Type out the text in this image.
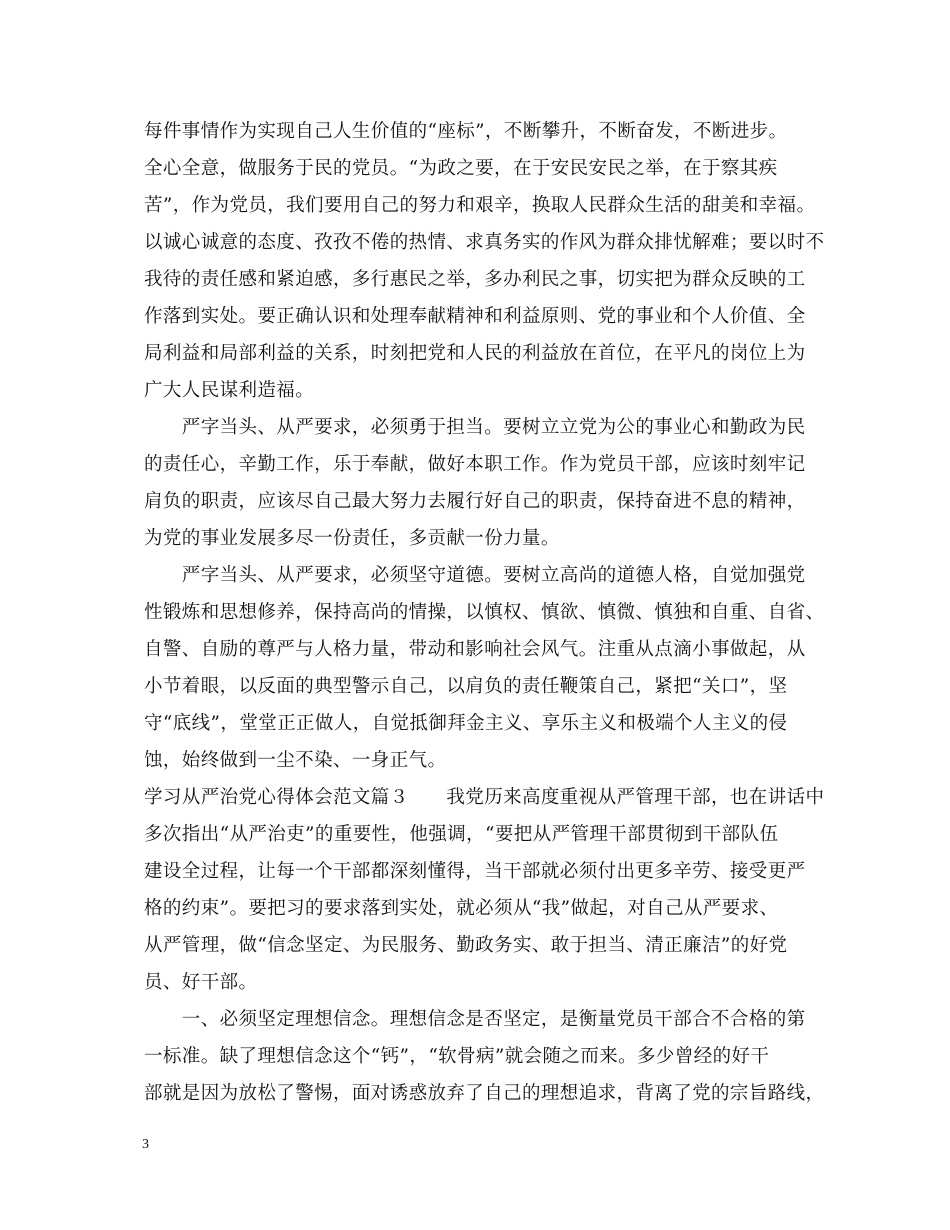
每件事情作为实现自己人生价值的“座标”，不断攀升，不断奋发，不断进步。
全心全意，做服务于民的党员。“为政之要，在于安民安民之举，在于察其疾
苦”，作为党员，我们要用自己的努力和艰辛，换取人民群众生活的甜美和幸福。
以诚心诚意的态度、孜孜不倦的热情、求真务实的作风为群众排忧解难；要以时不
我待的责任感和紧迫感，多行惠民之举，多办利民之事，切实把为群众反映的工
作落到实处。要正确认识和处理奉献精神和利益原则、党的事业和个人价值、全
局利益和局部利益的关系，时刻把党和人民的利益放在首位，在平凡的岗位上为
广大人民谋利造福。
　　严字当头、从严要求，必须勇于担当。要树立立党为公的事业心和勤政为民
的责任心，辛勤工作，乐于奉献，做好本职工作。作为党员干部，应该时刻牢记
肩负的职责，应该尽自己最大努力去履行好自己的职责，保持奋进不息的精神，
为党的事业发展多尽一份责任，多贡献一份力量。
　　严字当头、从严要求，必须坚守道德。要树立高尚的道德人格，自觉加强党
性锻炼和思想修养，保持高尚的情操，以慎权、慎欲、慎微、慎独和自重、自省、
自警、自励的尊严与人格力量，带动和影响社会风气。注重从点滴小事做起，从
小节着眼，以反面的典型警示自己，以肩负的责任鞭策自己，紧把“关口”，坚
守“底线”，堂堂正正做人，自觉抵御拜金主义、享乐主义和极端个人主义的侵
蚀，始终做到一尘不染、一身正气。
学习从严治党心得体会范文篇３　　我党历来高度重视从严管理干部，也在讲话中
多次指出“从严治吏”的重要性，他强调，“要把从严管理干部贯彻到干部队伍
建设全过程，让每一个干部都深刻懂得，当干部就必须付出更多辛劳、接受更严
格的约束”。要把习的要求落到实处，就必须从“我”做起，对自己从严要求、
从严管理，做“信念坚定、为民服务、勤政务实、敢于担当、清正廉洁”的好党
员、好干部。
　　一、必须坚定理想信念。理想信念是否坚定，是衡量党员干部合不合格的第
一标准。缺了理想信念这个“钙”，“软骨病”就会随之而来。多少曾经的好干
部就是因为放松了警惕，面对诱惑放弃了自己的理想追求，背离了党的宗旨路线，
3
